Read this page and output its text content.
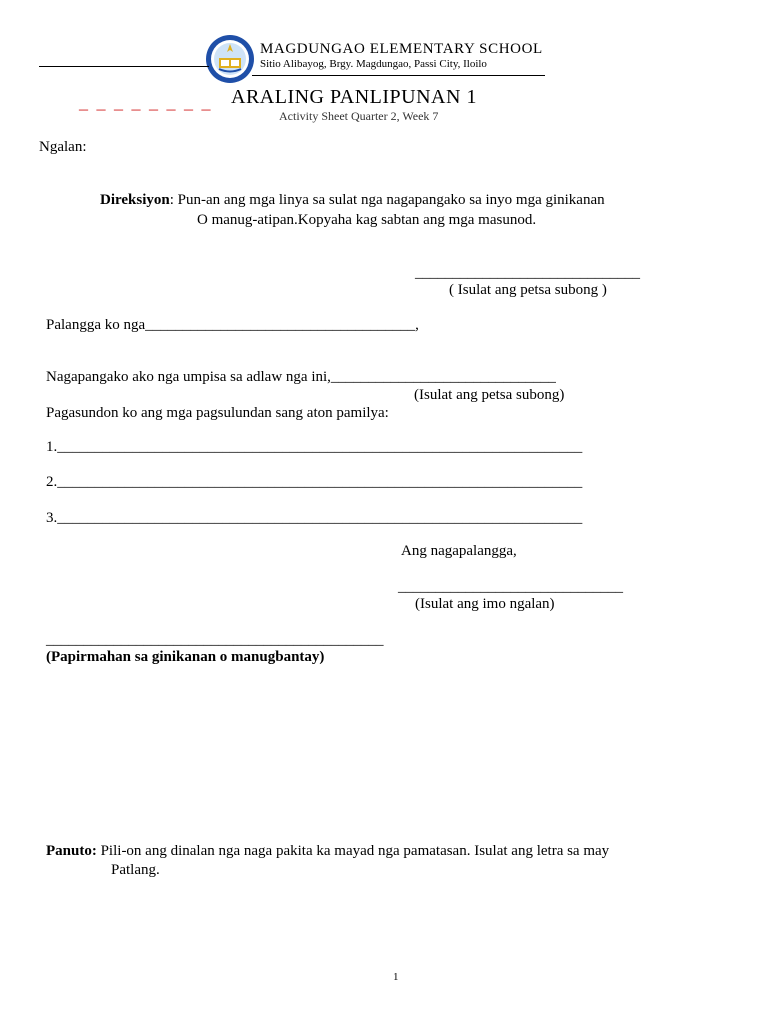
MAGDUNGAO ELEMENTARY SCHOOL
Sitio Alibayog, Brgy. Magdungao, Passi City, Iloilo
_ _ _ _ _ _ _ _ ARALING PANLIPUNAN 1
Activity Sheet Quarter 2, Week 7
Ngalan:
Direksiyon: Pun-an ang mga linya sa sulat nga nagapangako sa inyo mga ginikanan
O manug-atipan.Kopyaha kag sabtan ang mga masunod.
______________________________
( Isulat ang petsa subong )
Palangga ko nga____________________________________,
Nagapangako ako nga umpisa sa adlaw nga ini,______________________________
(Isulat ang petsa subong)
Pagasundon ko ang mga pagsulundan sang aton pamilya:
1.______________________________________________________________________
2.______________________________________________________________________
3.______________________________________________________________________
Ang nagapalangga,
______________________________
(Isulat ang imo ngalan)
_____________________________________________
(Papirmahan sa ginikanan o manugbantay)
Panuto: Pili-on ang dinalan nga naga pakita ka mayad nga pamatasan. Isulat ang letra sa may
Patlang.
1
